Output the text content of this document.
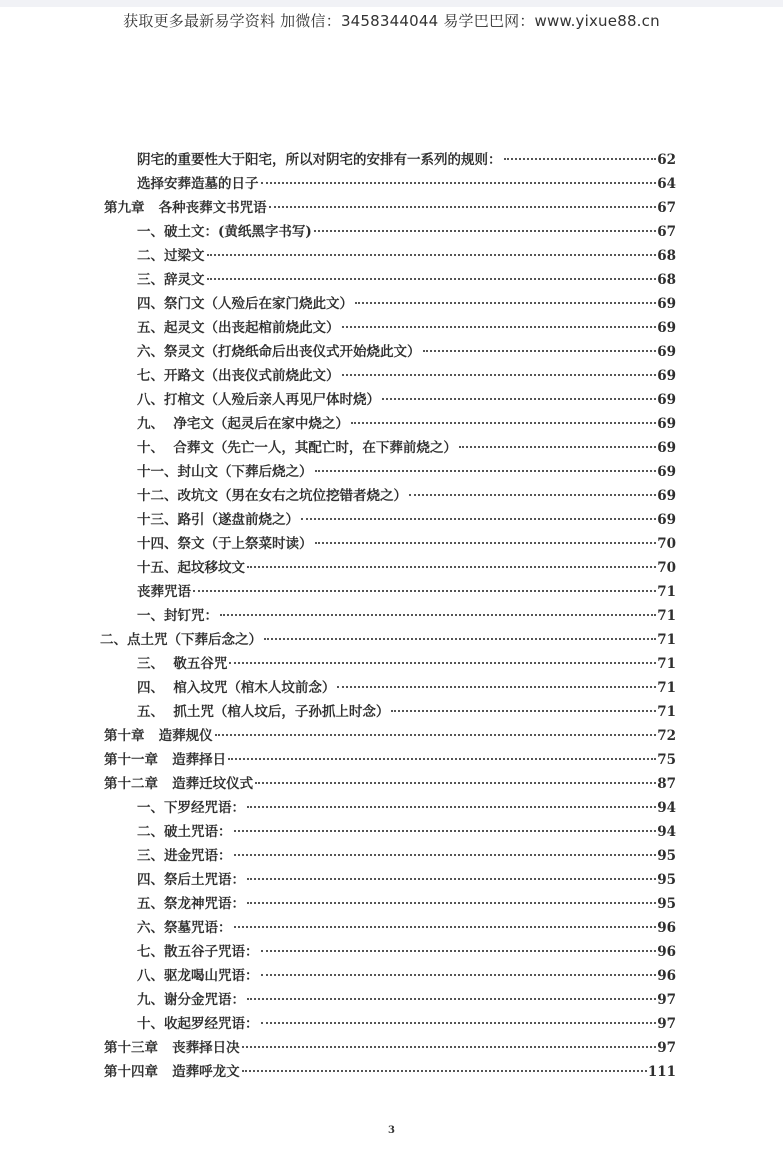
获取更多最新易学资料 加微信：3458344044 易学巴巴网：www.yixue88.cn
阴宅的重要性大于阳宅，所以对阴宅的安排有一系列的规则：	62
选择安葬造墓的日子	64
第九章   各种丧葬文书咒语	67
一、破土文：(黄纸黑字书写)	67
二、过梁文	68
三、辞灵文	68
四、祭门文（人殓后在家门烧此文）	69
五、起灵文（出丧起棺前烧此文）	69
六、祭灵文（打烧纸命后出丧仪式开始烧此文）	69
七、开路文（出丧仪式前烧此文）	69
八、打棺文（人殓后亲人再见尸体时烧）	69
九、  净宅文（起灵后在家中烧之）	69
十、  合葬文（先亡一人，其配亡时，在下葬前烧之）	69
十一、封山文（下葬后烧之）	69
十二、改坑文（男在女右之坑位挖错者烧之）	69
十三、路引（遂盘前烧之）	69
十四、祭文（于上祭菜时读）	70
十五、起坟移坟文	70
丧葬咒语	71
一、封钉咒：	71
二、点土咒（下葬后念之）	71
三、  敬五谷咒	71
四、  棺入坟咒（棺木人坟前念）	71
五、  抓土咒（棺人坟后，子孙抓上时念）	71
第十章   造葬规仪	72
第十一章   造葬择日	75
第十二章   造葬迁坟仪式	87
一、下罗经咒语：	94
二、破土咒语：	94
三、进金咒语：	95
四、祭后土咒语：	95
五、祭龙神咒语：	95
六、祭墓咒语：	96
七、散五谷子咒语：	96
八、驱龙喝山咒语：	96
九、谢分金咒语：	97
十、收起罗经咒语：	97
第十三章   丧葬择日决	97
第十四章   造葬呼龙文	111
3
